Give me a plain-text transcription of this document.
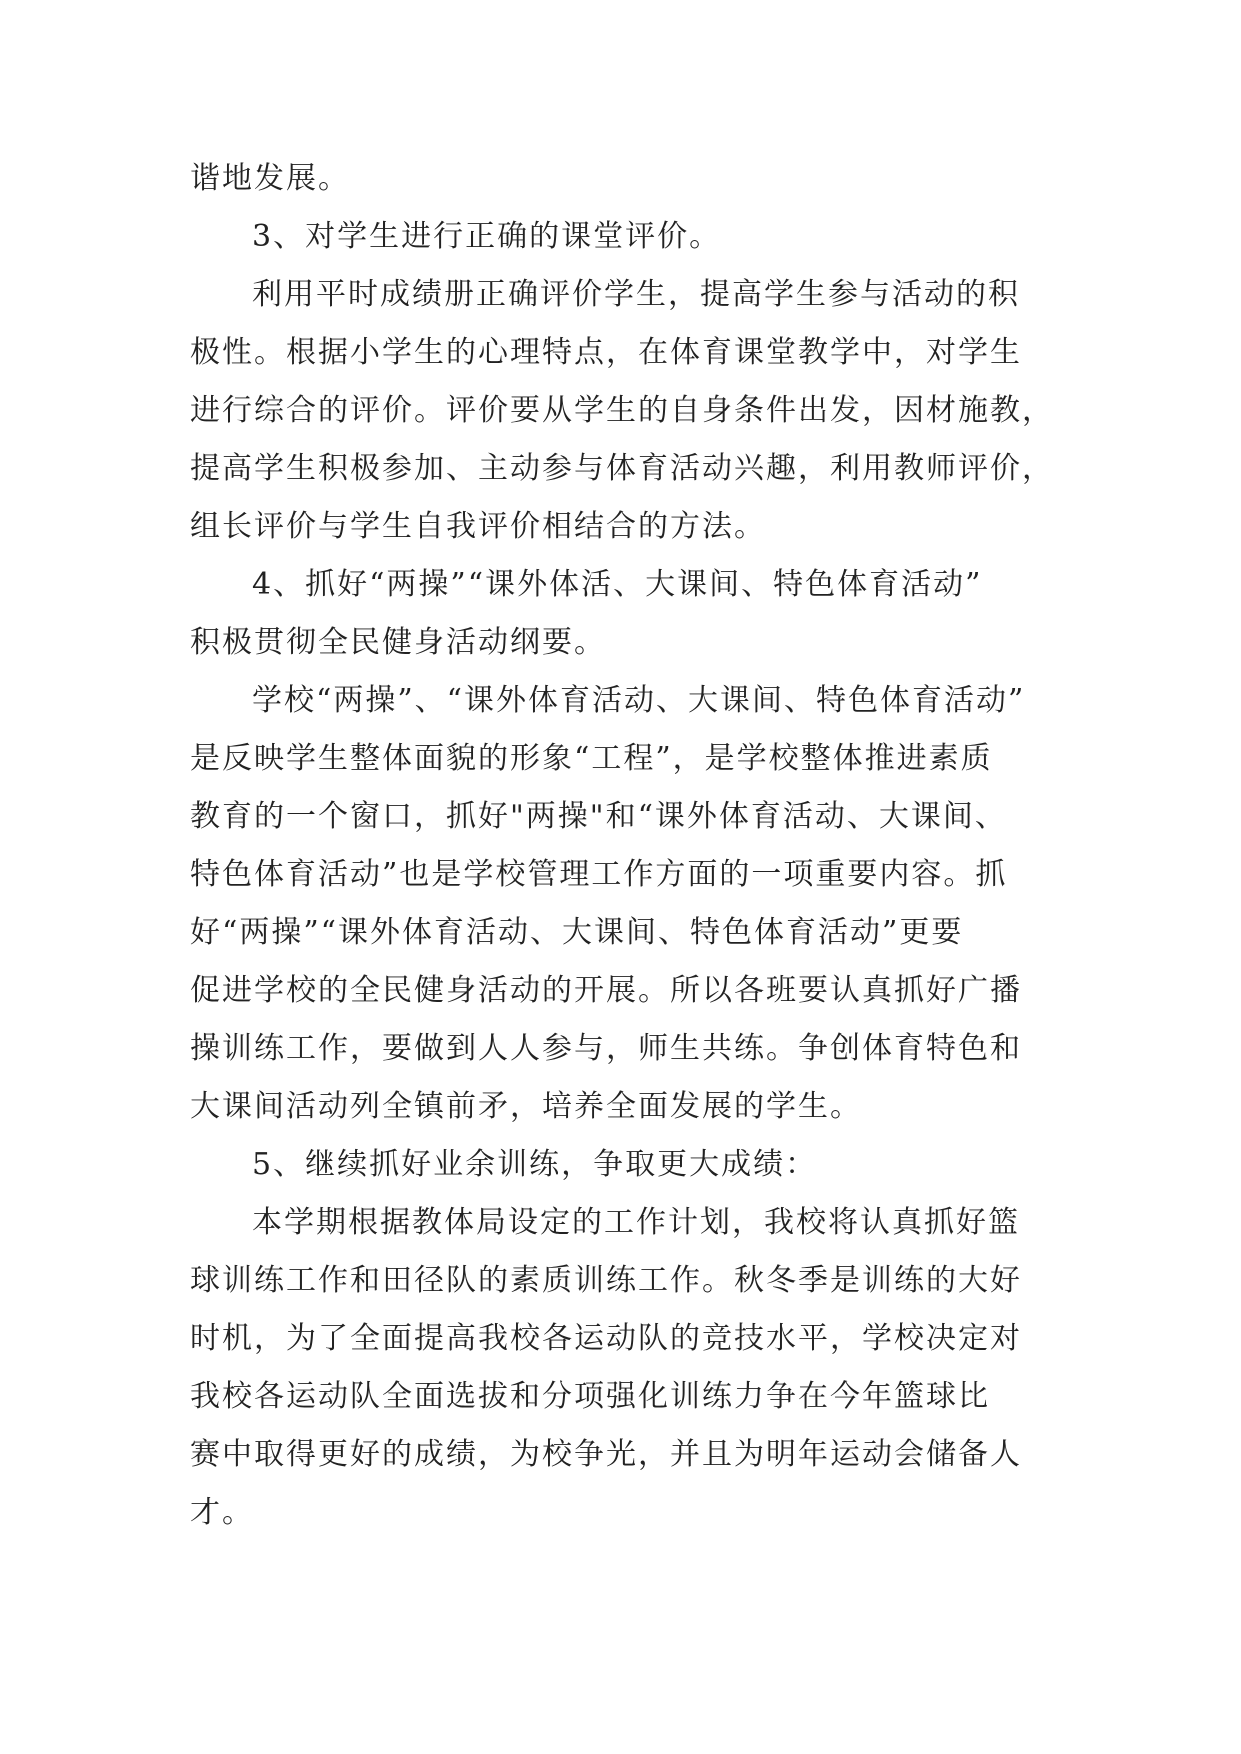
谐地发展。
3、对学生进行正确的课堂评价。
利用平时成绩册正确评价学生，提高学生参与活动的积
极性。根据小学生的心理特点，在体育课堂教学中，对学生
进行综合的评价。评价要从学生的自身条件出发，因材施教，
提高学生积极参加、主动参与体育活动兴趣，利用教师评价，
组长评价与学生自我评价相结合的方法。
4、抓好“两操”“课外体活、大课间、特色体育活动”
积极贯彻全民健身活动纲要。
学校“两操”、“课外体育活动、大课间、特色体育活动”
是反映学生整体面貌的形象“工程”，是学校整体推进素质
教育的一个窗口，抓好"两操"和“课外体育活动、大课间、
特色体育活动”也是学校管理工作方面的一项重要内容。抓
好“两操”“课外体育活动、大课间、特色体育活动”更要
促进学校的全民健身活动的开展。所以各班要认真抓好广播
操训练工作，要做到人人参与，师生共练。争创体育特色和
大课间活动列全镇前矛，培养全面发展的学生。
5、继续抓好业余训练，争取更大成绩：
本学期根据教体局设定的工作计划，我校将认真抓好篮
球训练工作和田径队的素质训练工作。秋冬季是训练的大好
时机，为了全面提高我校各运动队的竞技水平，学校决定对
我校各运动队全面选拔和分项强化训练力争在今年篮球比
赛中取得更好的成绩，为校争光，并且为明年运动会储备人
才。
